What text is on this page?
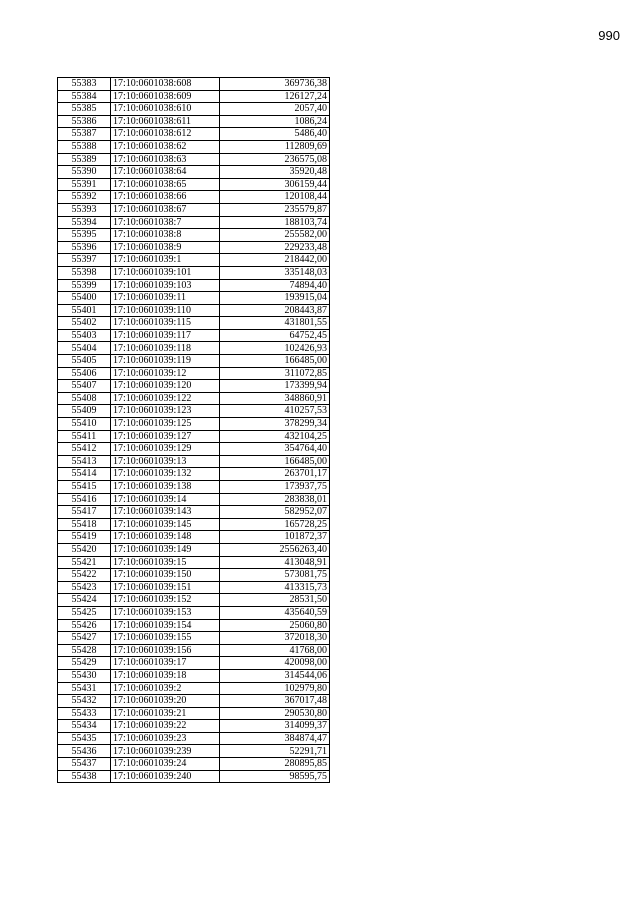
990
55383	17:10:0601038:608	369736,38
55384	17:10:0601038:609	126127,24
55385	17:10:0601038:610	2057,40
55386	17:10:0601038:611	1086,24
55387	17:10:0601038:612	5486,40
55388	17:10:0601038:62	112809,69
55389	17:10:0601038:63	236575,08
55390	17:10:0601038:64	35920,48
55391	17:10:0601038:65	306159,44
55392	17:10:0601038:66	120108,44
55393	17:10:0601038:67	235579,87
55394	17:10:0601038:7	188103,74
55395	17:10:0601038:8	255582,00
55396	17:10:0601038:9	229233,48
55397	17:10:0601039:1	218442,00
55398	17:10:0601039:101	335148,03
55399	17:10:0601039:103	74894,40
55400	17:10:0601039:11	193915,04
55401	17:10:0601039:110	208443,87
55402	17:10:0601039:115	431801,55
55403	17:10:0601039:117	64752,45
55404	17:10:0601039:118	102426,93
55405	17:10:0601039:119	166485,00
55406	17:10:0601039:12	311072,85
55407	17:10:0601039:120	173399,94
55408	17:10:0601039:122	348860,91
55409	17:10:0601039:123	410257,53
55410	17:10:0601039:125	378299,34
55411	17:10:0601039:127	432104,25
55412	17:10:0601039:129	354764,40
55413	17:10:0601039:13	166485,00
55414	17:10:0601039:132	263701,17
55415	17:10:0601039:138	173937,75
55416	17:10:0601039:14	283838,01
55417	17:10:0601039:143	582952,07
55418	17:10:0601039:145	165728,25
55419	17:10:0601039:148	101872,37
55420	17:10:0601039:149	2556263,40
55421	17:10:0601039:15	413048,91
55422	17:10:0601039:150	573081,75
55423	17:10:0601039:151	413315,73
55424	17:10:0601039:152	28531,50
55425	17:10:0601039:153	435640,59
55426	17:10:0601039:154	25060,80
55427	17:10:0601039:155	372018,30
55428	17:10:0601039:156	41768,00
55429	17:10:0601039:17	420098,00
55430	17:10:0601039:18	314544,06
55431	17:10:0601039:2	102979,80
55432	17:10:0601039:20	367017,48
55433	17:10:0601039:21	290530,80
55434	17:10:0601039:22	314099,37
55435	17:10:0601039:23	384874,47
55436	17:10:0601039:239	52291,71
55437	17:10:0601039:24	280895,85
55438	17:10:0601039:240	98595,75
